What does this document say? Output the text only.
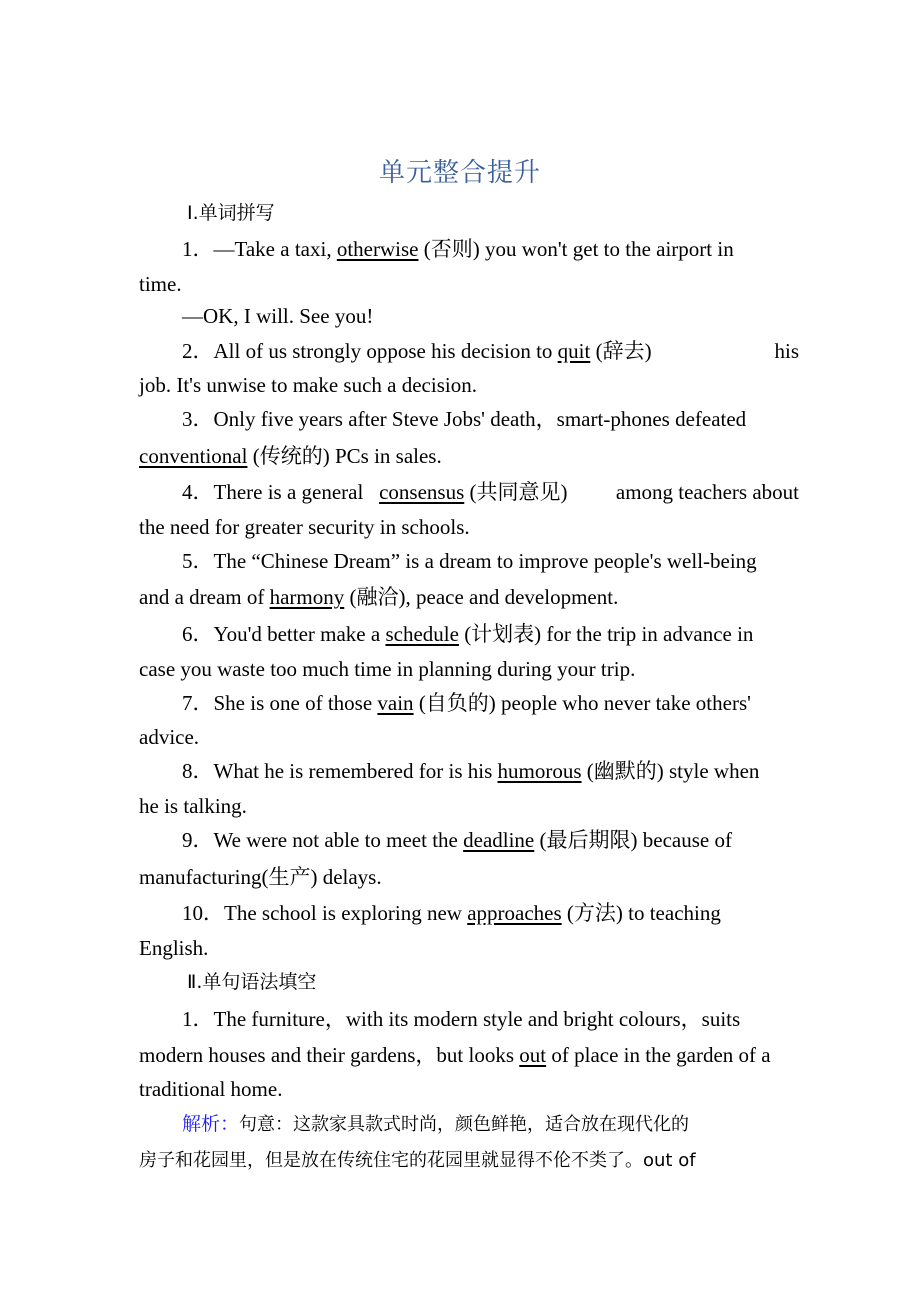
单元整合提升
Ⅰ.单词拼写
1．—Take a taxi, otherwise (否则) you won't get to the airport in
time.
—OK, I will. See you!
2．All of us strongly oppose his decision to quit (辞去)	his
job. It's unwise to make such a decision.
3．Only five years after Steve Jobs' death，smart-phones defeated
conventional (传统的) PCs in sales.
4．There is a general   consensus (共同意见) among teachers about
the need for greater security in schools.
5．The “Chinese Dream” is a dream to improve people's well-being
and a dream of harmony (融洽), peace and development.
6．You'd better make a schedule (计划表) for the trip in advance in
case you waste too much time in planning during your trip.
7．She is one of those vain (自负的) people who never take others'
advice.
8．What he is remembered for is his humorous (幽默的) style when
he is talking.
9．We were not able to meet the deadline (最后期限) because of
manufacturing(生产) delays.
10．The school is exploring new approaches (方法) to teaching
English.
Ⅱ.单句语法填空
1．The furniture，with its modern style and bright colours，suits
modern houses and their gardens，but looks out of place in the garden of a
traditional home.
解析：句意：这款家具款式时尚，颜色鲜艳，适合放在现代化的
房子和花园里，但是放在传统住宅的花园里就显得不伦不类了。out of
